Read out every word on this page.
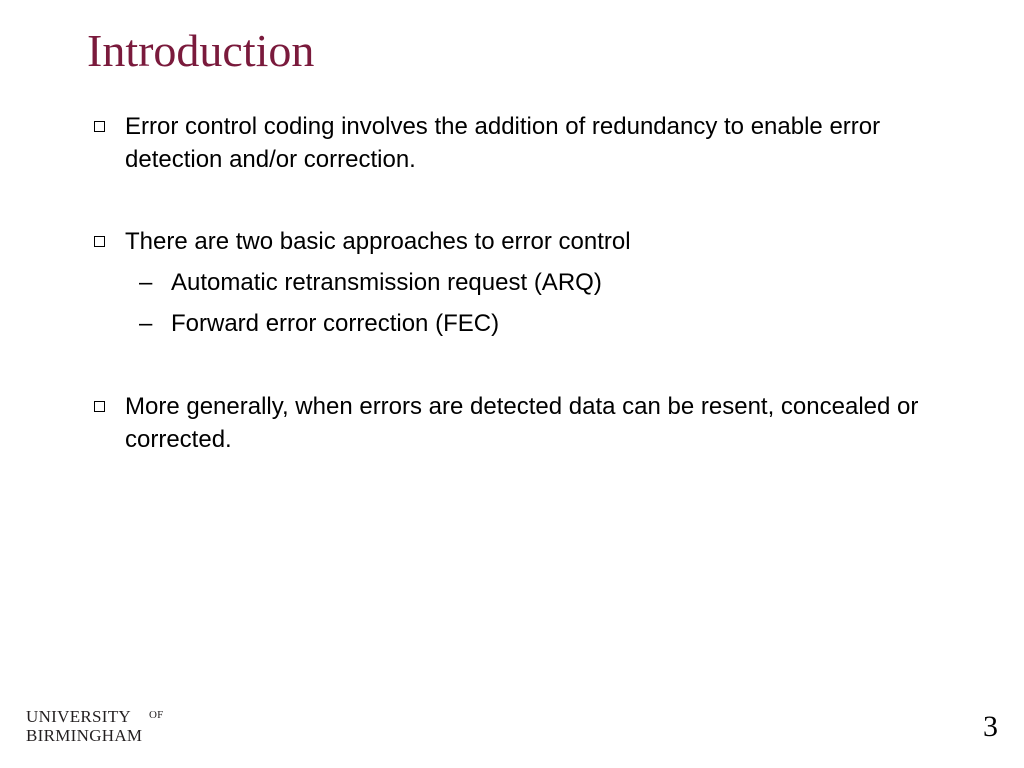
Introduction
Error control coding involves the addition of redundancy to enable error detection and/or correction.
There are two basic approaches to error control
– Automatic retransmission request (ARQ)
– Forward error correction (FEC)
More generally, when errors are detected data can be resent, concealed or corrected.
UNIVERSITY OF
BIRMINGHAM	3
